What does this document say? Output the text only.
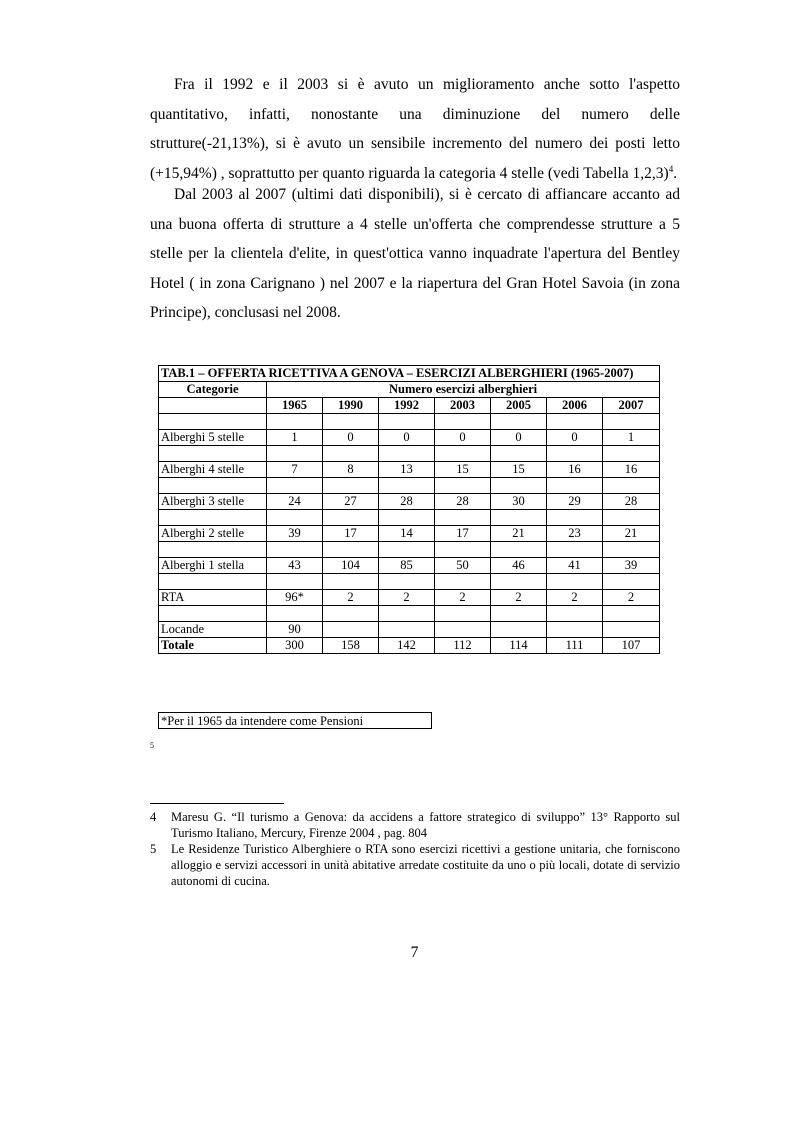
Fra il 1992 e il 2003 si è avuto un miglioramento anche sotto l'aspetto quantitativo, infatti, nonostante una diminuzione del numero delle strutture(-21,13%), si è avuto un sensibile incremento del numero dei posti letto (+15,94%) , soprattutto per quanto riguarda la categoria 4 stelle (vedi Tabella 1,2,3)$^4$.

Dal 2003 al 2007 (ultimi dati disponibili), si è cercato di affiancare accanto ad una buona offerta di strutture a 4 stelle un'offerta che comprendesse strutture a 5 stelle per la clientela d'elite, in quest'ottica vanno inquadrate l'apertura del Bentley Hotel ( in zona Carignano ) nel 2007 e la riapertura del Gran Hotel Savoia (in zona Principe), conclusasi nel 2008.

TAB.1 – OFFERTA RICETTIVA A GENOVA – ESERCIZI ALBERGHIERI (1965-2007)							
Categorie	Numero esercizi alberghieri						
	1965	1990	1992	2003	2005	2006	2007

Alberghi 5 stelle	1	0	0	0	0	0	1

Alberghi 4 stelle	7	8	13	15	15	16	16

Alberghi 3 stelle	24	27	28	28	30	29	28

Alberghi 2 stelle	39	17	14	17	21	23	21

Alberghi 1 stella	43	104	85	50	46	41	39

RTA	96*	2	2	2	2	2	2

Locande	90						
Totale	300	158	142	112	114	111	107
*Per il 1965 da intendere come Pensioni
5
4 Maresu G. “Il turismo a Genova: da accidens a fattore strategico di sviluppo” 13° Rapporto sul Turismo Italiano, Mercury, Firenze 2004 , pag. 804
5 Le Residenze Turistico Alberghiere o RTA sono esercizi ricettivi a gestione unitaria, che forniscono alloggio e servizi accessori in unità abitative arredate costituite da uno o più locali, dotate di servizio autonomi di cucina.
7
